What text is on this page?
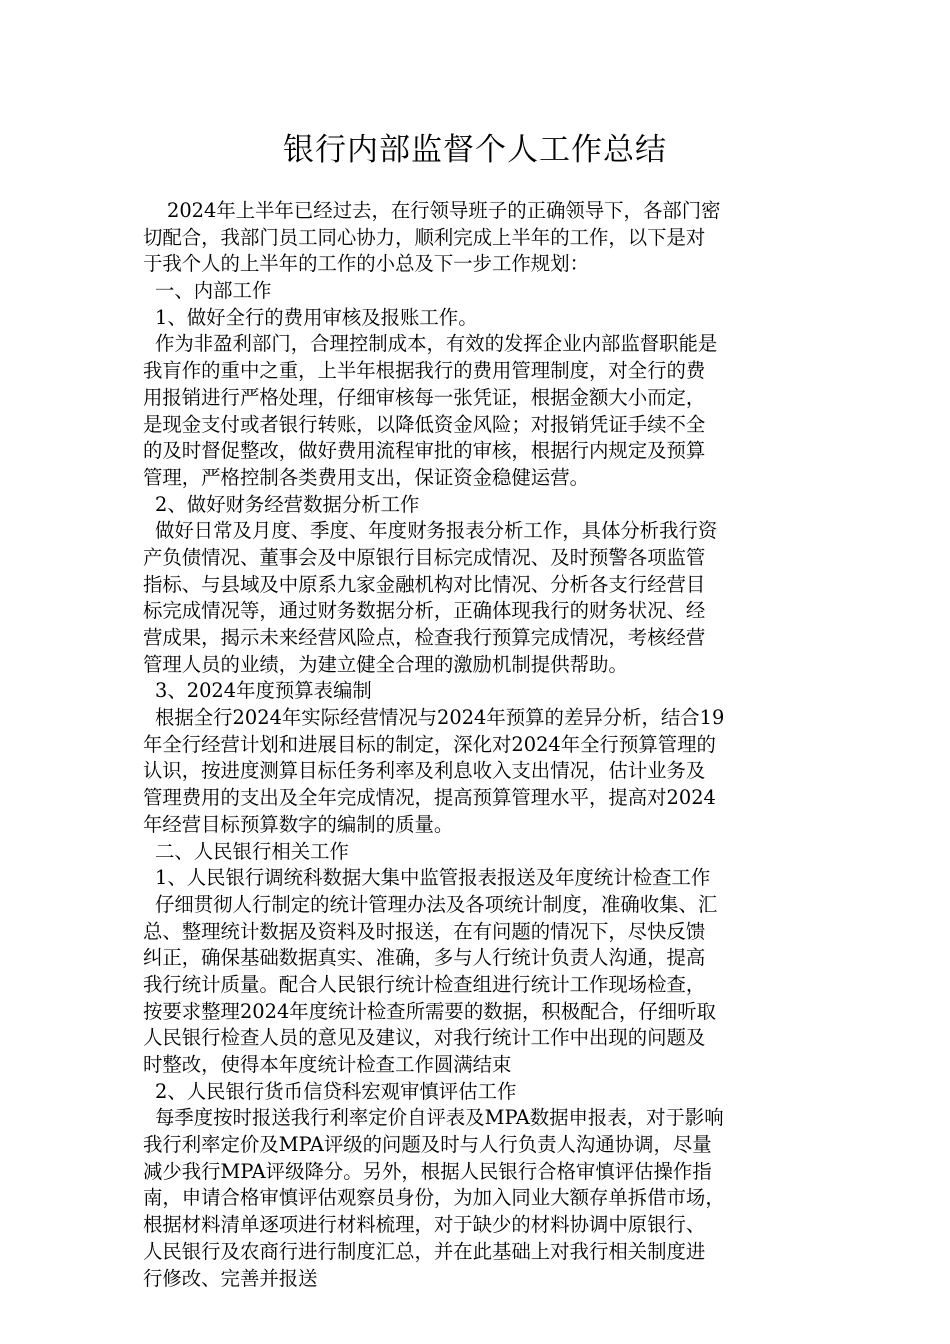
银行内部监督个人工作总结
2024年上半年已经过去，在行领导班子的正确领导下，各部门密
切配合，我部门员工同心协力，顺利完成上半年的工作，以下是对
于我个人的上半年的工作的小总及下一步工作规划：
一、内部工作
1、做好全行的费用审核及报账工作。
作为非盈利部门，合理控制成本，有效的发挥企业内部监督职能是
我肓作的重中之重，上半年根据我行的费用管理制度，对全行的费
用报销进行严格处理，仔细审核每一张凭证，根据金额大小而定，
是现金支付或者银行转账，以降低资金风险；对报销凭证手续不全
的及时督促整改，做好费用流程审批的审核，根据行内规定及预算
管理，严格控制各类费用支出，保证资金稳健运营。
2、做好财务经营数据分析工作
做好日常及月度、季度、年度财务报表分析工作，具体分析我行资
产负债情况、董事会及中原银行目标完成情况、及时预警各项监管
指标、与县域及中原系九家金融机构对比情况、分析各支行经营目
标完成情况等，通过财务数据分析，正确体现我行的财务状况、经
营成果，揭示未来经营风险点，检查我行预算完成情况，考核经营
管理人员的业绩，为建立健全合理的激励机制提供帮助。
3、2024年度预算表编制
根据全行2024年实际经营情况与2024年预算的差异分析，结合19
年全行经营计划和进展目标的制定，深化对2024年全行预算管理的
认识，按进度测算目标任务利率及利息收入支出情况，估计业务及
管理费用的支出及全年完成情况，提高预算管理水平，提高对2024
年经营目标预算数字的编制的质量。
二、人民银行相关工作
1、人民银行调统科数据大集中监管报表报送及年度统计检查工作
仔细贯彻人行制定的统计管理办法及各项统计制度，准确收集、汇
总、整理统计数据及资料及时报送，在有问题的情况下，尽快反馈
纠正，确保基础数据真实、准确，多与人行统计负责人沟通，提高
我行统计质量。配合人民银行统计检查组进行统计工作现场检查，
按要求整理2024年度统计检查所需要的数据，积极配合，仔细听取
人民银行检查人员的意见及建议，对我行统计工作中出现的问题及
时整改，使得本年度统计检查工作圆满结束
2、人民银行货币信贷科宏观审慎评估工作
每季度按时报送我行利率定价自评表及MPA数据申报表，对于影响
我行利率定价及MPA评级的问题及时与人行负责人沟通协调，尽量
减少我行MPA评级降分。另外，根据人民银行合格审慎评估操作指
南，申请合格审慎评估观察员身份，为加入同业大额存单拆借市场，
根据材料清单逐项进行材料梳理，对于缺少的材料协调中原银行、
人民银行及农商行进行制度汇总，并在此基础上对我行相关制度进
行修改、完善并报送
